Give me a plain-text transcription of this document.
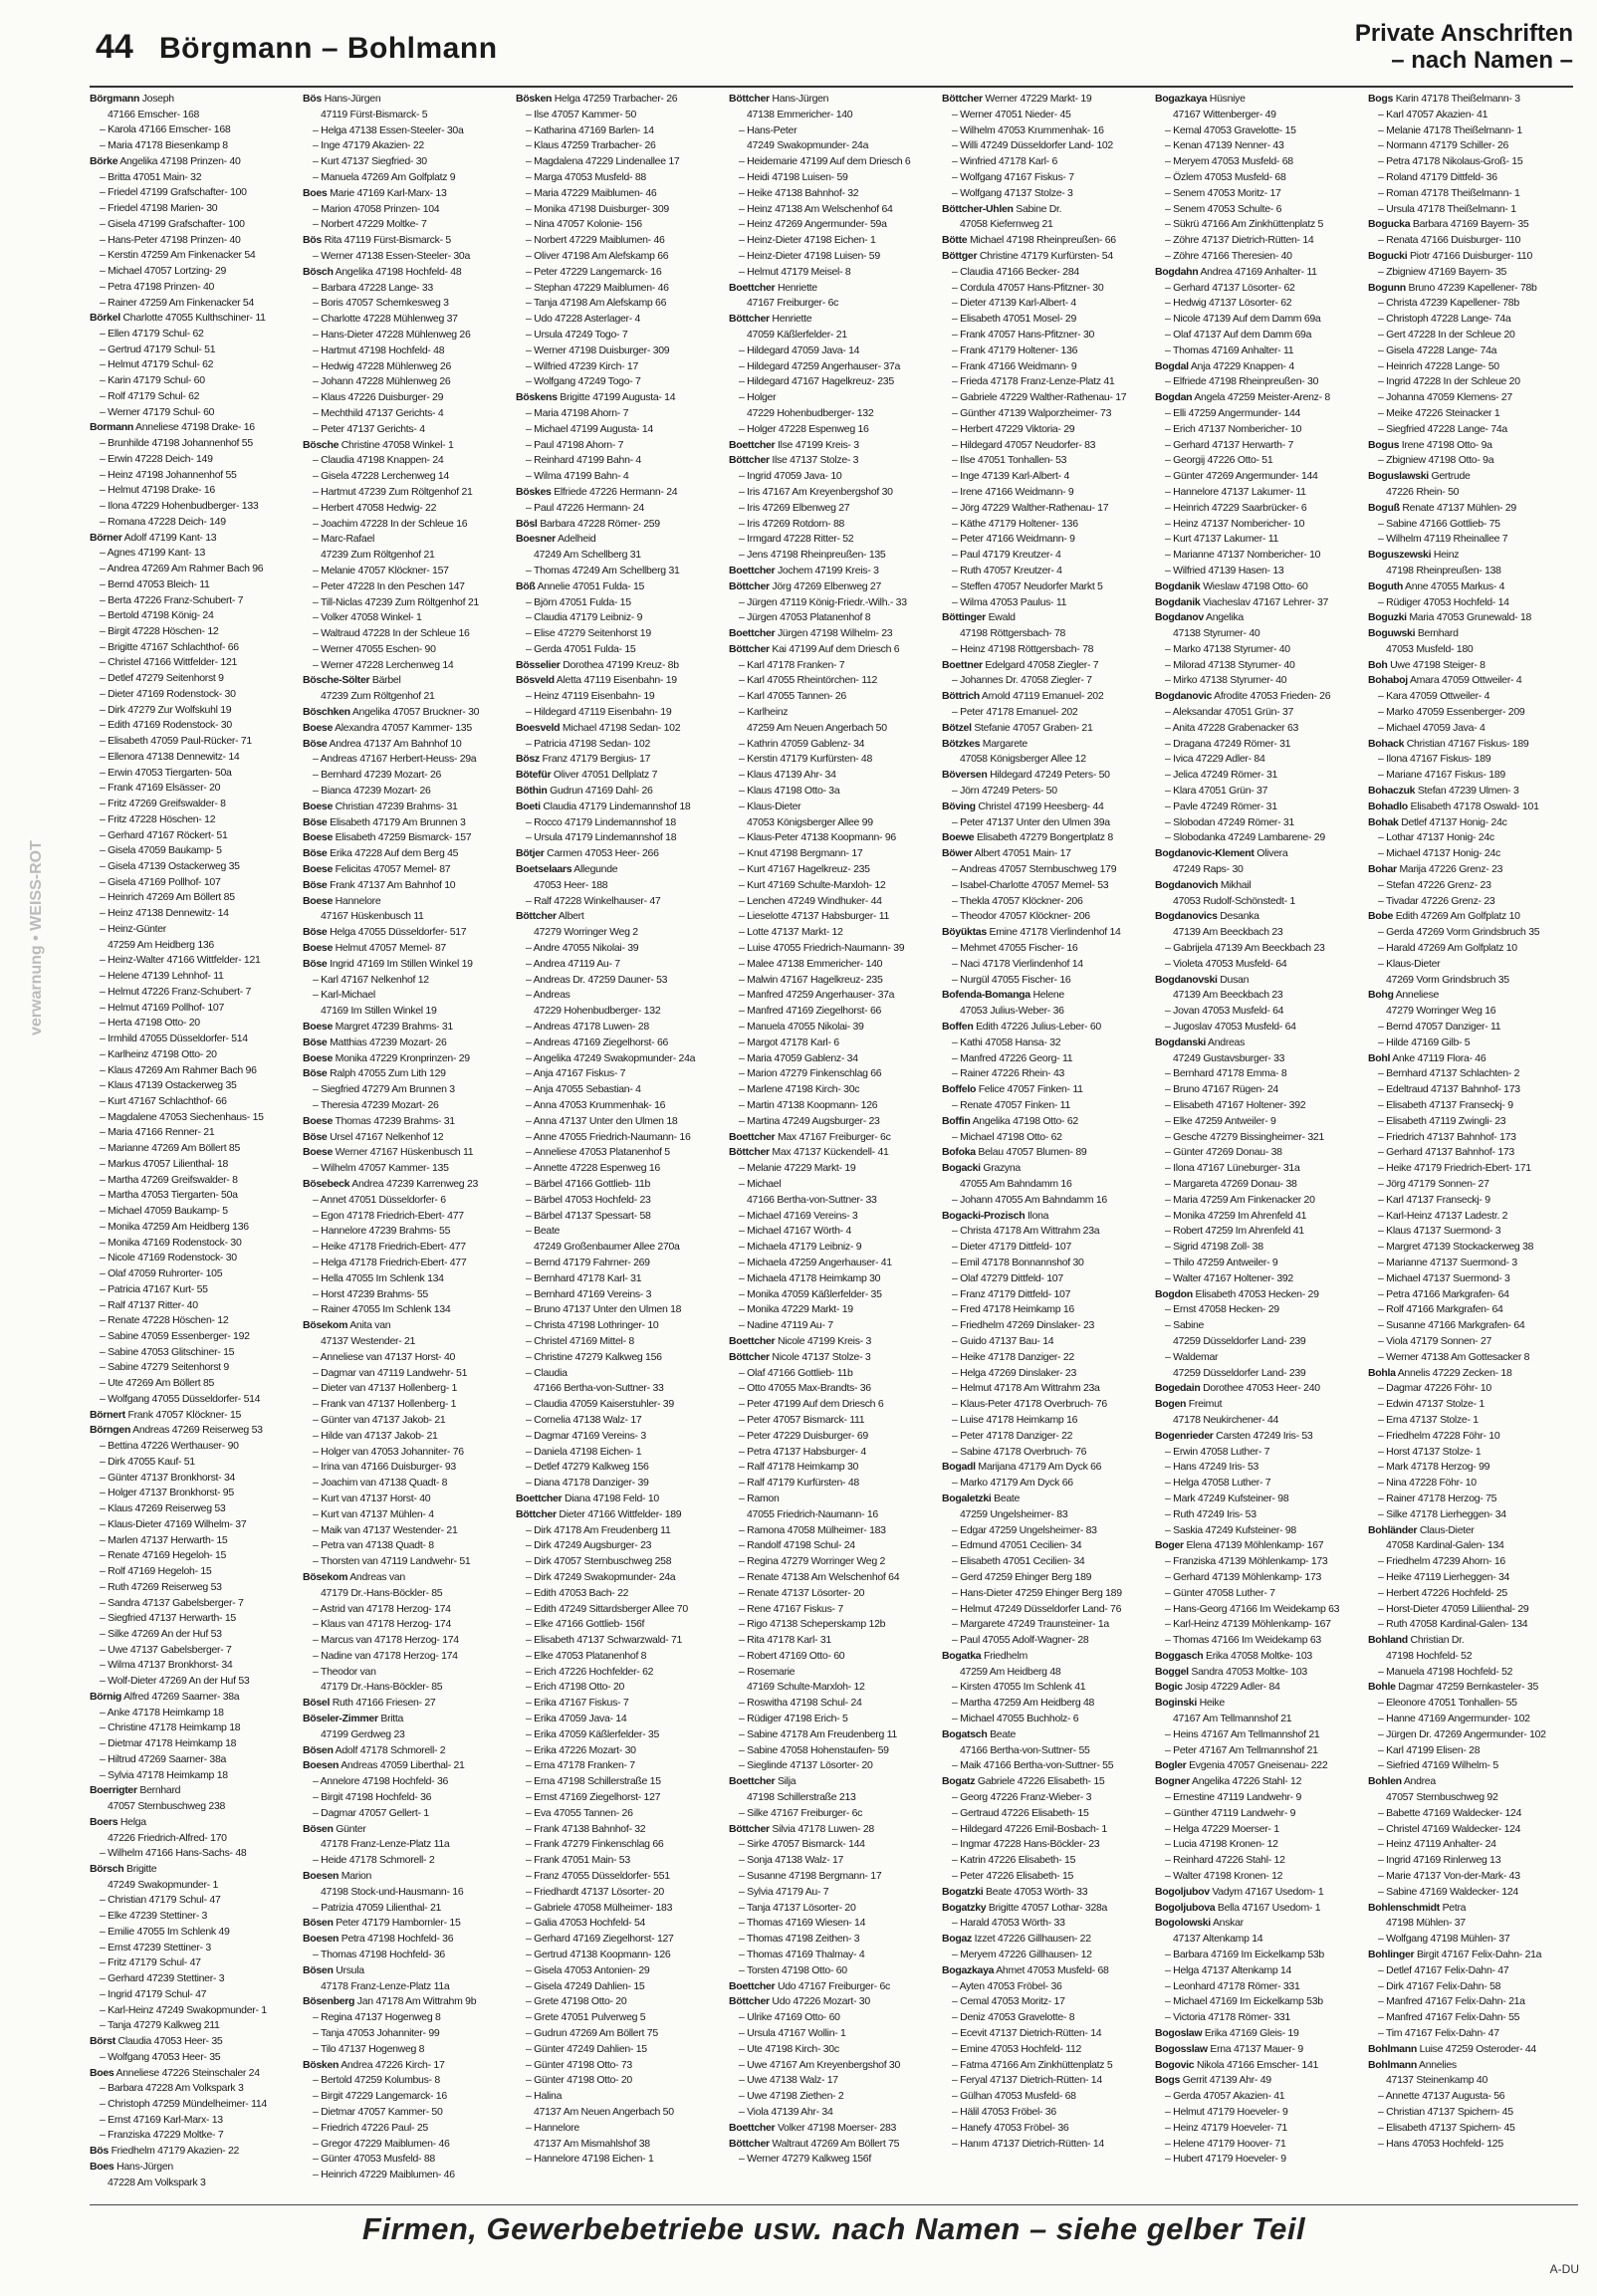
verwarnung • WEISS-ROT
44 Börgmann – Bohlmann	Private Anschriften
– nach Namen –
Börgmann Joseph
47166 Emscher- 168
– Karola 47166 Emscher- 168
– Maria 47178 Biesenkamp 8
Börke Angelika 47198 Prinzen- 40
– Britta 47051 Main- 32
– Friedel 47199 Grafschafter- 100
– Friedel 47198 Marien- 30
– Gisela 47199 Grafschafter- 100
– Hans-Peter 47198 Prinzen- 40
– Kerstin 47259 Am Finkenacker 54
– Michael 47057 Lortzing- 29
– Petra 47198 Prinzen- 40
– Rainer 47259 Am Finkenacker 54
Börkel Charlotte 47055 Kulthschiner- 11
– Ellen 47179 Schul- 62
– Gertrud 47179 Schul- 51
– Helmut 47179 Schul- 62
– Karin 47179 Schul- 60
– Rolf 47179 Schul- 62
– Werner 47179 Schul- 60
Bormann Anneliese 47198 Drake- 16
– Brunhilde 47198 Johannenhof 55
– Erwin 47228 Deich- 149
– Heinz 47198 Johannenhof 55
– Helmut 47198 Drake- 16
– Ilona 47229 Hohenbudberger- 133
– Romana 47228 Deich- 149
Börner Adolf 47199 Kant- 13
– Agnes 47199 Kant- 13
– Andrea 47269 Am Rahmer Bach 96
– Bernd 47053 Bleich- 11
– Berta 47226 Franz-Schubert- 7
– Bertold 47198 König- 24
– Birgit 47228 Höschen- 12
– Brigitte 47167 Schlachthof- 66
– Christel 47166 Wittfelder- 121
– Detlef 47279 Seitenhorst 9
– Dieter 47169 Rodenstock- 30
– Dirk 47279 Zur Wolfskuhl 19
– Edith 47169 Rodenstock- 30
– Elisabeth 47059 Paul-Rücker- 71
– Ellenora 47138 Dennewitz- 14
– Erwin 47053 Tiergarten- 50a
– Frank 47169 Elsässer- 20
– Fritz 47269 Greifswalder- 8
– Fritz 47228 Höschen- 12
– Gerhard 47167 Röckert- 51
– Gisela 47059 Baukamp- 5
– Gisela 47139 Ostackerweg 35
– Gisela 47169 Pollhof- 107
– Heinrich 47269 Am Böllert 85
– Heinz 47138 Dennewitz- 14
– Heinz-Günter
47259 Am Heidberg 136
– Heinz-Walter 47166 Wittfelder- 121
– Helene 47139 Lehnhof- 11
– Helmut 47226 Franz-Schubert- 7
– Helmut 47169 Pollhof- 107
– Herta 47198 Otto- 20
– Irmhild 47055 Düsseldorfer- 514
– Karlheinz 47198 Otto- 20
– Klaus 47269 Am Rahmer Bach 96
– Klaus 47139 Ostackerweg 35
– Kurt 47167 Schlachthof- 66
– Magdalene 47053 Siechenhaus- 15
– Maria 47166 Renner- 21
– Marianne 47269 Am Böllert 85
– Markus 47057 Lilienthal- 18
– Martha 47269 Greifswalder- 8
– Martha 47053 Tiergarten- 50a
– Michael 47059 Baukamp- 5
– Monika 47259 Am Heidberg 136
– Monika 47169 Rodenstock- 30
– Nicole 47169 Rodenstock- 30
– Olaf 47059 Ruhrorter- 105
– Patricia 47167 Kurt- 55
– Ralf 47137 Ritter- 40
– Renate 47228 Höschen- 12
– Sabine 47059 Essenberger- 192
– Sabine 47053 Glitschiner- 15
– Sabine 47279 Seitenhorst 9
– Ute 47269 Am Böllert 85
– Wolfgang 47055 Düsseldorfer- 514
Börnert Frank 47057 Klöckner- 15
Börngen Andreas 47269 Reiserweg 53
– Bettina 47226 Werthauser- 90
– Dirk 47055 Kauf- 51
– Günter 47137 Bronkhorst- 34
– Holger 47137 Bronkhorst- 95
– Klaus 47269 Reiserweg 53
– Klaus-Dieter 47169 Wilhelm- 37
– Marlen 47137 Herwarth- 15
– Renate 47169 Hegeloh- 15
– Rolf 47169 Hegeloh- 15
– Ruth 47269 Reiserweg 53
– Sandra 47137 Gabelsberger- 7
– Siegfried 47137 Herwarth- 15
– Silke 47269 An der Huf 53
– Uwe 47137 Gabelsberger- 7
– Wilma 47137 Bronkhorst- 34
– Wolf-Dieter 47269 An der Huf 53
Börnig Alfred 47269 Saarner- 38a
– Anke 47178 Heimkamp 18
– Christine 47178 Heimkamp 18
– Dietmar 47178 Heimkamp 18
– Hiltrud 47269 Saarner- 38a
– Sylvia 47178 Heimkamp 18
Boerrigter Bernhard
47057 Sternbuschweg 238
Boers Helga
47226 Friedrich-Alfred- 170
– Wilhelm 47166 Hans-Sachs- 48
Börsch Brigitte
47249 Swakopmunder- 1
– Christian 47179 Schul- 47
– Elke 47239 Stettiner- 3
– Emilie 47055 Im Schlenk 49
– Ernst 47239 Stettiner- 3
– Fritz 47179 Schul- 47
– Gerhard 47239 Stettiner- 3
– Ingrid 47179 Schul- 47
– Karl-Heinz 47249 Swakopmunder- 1
– Tanja 47279 Kalkweg 211
Börst Claudia 47053 Heer- 35
– Wolfgang 47053 Heer- 35
Boes Anneliese 47226 Steinschaler 24
– Barbara 47228 Am Volkspark 3
– Christoph 47259 Mündelheimer- 114
– Ernst 47169 Karl-Marx- 13
– Franziska 47229 Moltke- 7
Bös Friedhelm 47179 Akazien- 22
Boes Hans-Jürgen
47228 Am Volkspark 3
Bös Hans-Jürgen
47119 Fürst-Bismarck- 5
– Helga 47138 Essen-Steeler- 30a
– Inge 47179 Akazien- 22
– Kurt 47137 Siegfried- 30
– Manuela 47269 Am Golfplatz 9
Boes Marie 47169 Karl-Marx- 13
– Marion 47058 Prinzen- 104
– Norbert 47229 Moltke- 7
Bös Rita 47119 Fürst-Bismarck- 5
– Werner 47138 Essen-Steeler- 30a
Bösch Angelika 47198 Hochfeld- 48
– Barbara 47228 Lange- 33
– Boris 47057 Schemkesweg 3
– Charlotte 47228 Mühlenweg 37
– Hans-Dieter 47228 Mühlenweg 26
– Hartmut 47198 Hochfeld- 48
– Hedwig 47228 Mühlenweg 26
– Johann 47228 Mühlenweg 26
– Klaus 47226 Duisburger- 29
– Mechthild 47137 Gerichts- 4
– Peter 47137 Gerichts- 4
Bösche Christine 47058 Winkel- 1
– Claudia 47198 Knappen- 24
– Gisela 47228 Lerchenweg 14
– Hartmut 47239 Zum Röltgenhof 21
– Herbert 47058 Hedwig- 22
– Joachim 47228 In der Schleue 16
– Marc-Rafael
47239 Zum Röltgenhof 21
– Melanie 47057 Klöckner- 157
– Peter 47228 In den Peschen 147
– Till-Niclas 47239 Zum Röltgenhof 21
– Volker 47058 Winkel- 1
– Waltraud 47228 In der Schleue 16
– Werner 47055 Eschen- 90
– Werner 47228 Lerchenweg 14
Bösche-Sölter Bärbel
47239 Zum Röltgenhof 21
Böschken Angelika 47057 Bruckner- 30
Boese Alexandra 47057 Kammer- 135
Böse Andrea 47137 Am Bahnhof 10
– Andreas 47167 Herbert-Heuss- 29a
– Bernhard 47239 Mozart- 26
– Bianca 47239 Mozart- 26
Boese Christian 47239 Brahms- 31
Böse Elisabeth 47179 Am Brunnen 3
Boese Elisabeth 47259 Bismarck- 157
Böse Erika 47228 Auf dem Berg 45
Boese Felicitas 47057 Memel- 87
Böse Frank 47137 Am Bahnhof 10
Boese Hannelore
47167 Hüskenbusch 11
Böse Helga 47055 Düsseldorfer- 517
Boese Helmut 47057 Memel- 87
Böse Ingrid 47169 Im Stillen Winkel 19
– Karl 47167 Nelkenhof 12
– Karl-Michael
47169 Im Stillen Winkel 19
Boese Margret 47239 Brahms- 31
Böse Matthias 47239 Mozart- 26
Boese Monika 47229 Kronprinzen- 29
Böse Ralph 47055 Zum Lith 129
– Siegfried 47279 Am Brunnen 3
– Theresia 47239 Mozart- 26
Boese Thomas 47239 Brahms- 31
Böse Ursel 47167 Nelkenhof 12
Boese Werner 47167 Hüskenbusch 11
– Wilhelm 47057 Kammer- 135
Bösebeck Andrea 47239 Karrenweg 23
– Annet 47051 Düsseldorfer- 6
– Egon 47178 Friedrich-Ebert- 477
– Hannelore 47239 Brahms- 55
– Heike 47178 Friedrich-Ebert- 477
– Helga 47178 Friedrich-Ebert- 477
– Hella 47055 Im Schlenk 134
– Horst 47239 Brahms- 55
– Rainer 47055 Im Schlenk 134
Bösekom Anita van
47137 Westender- 21
– Anneliese van 47137 Horst- 40
– Dagmar van 47119 Landwehr- 51
– Dieter van 47137 Hollenberg- 1
– Frank van 47137 Hollenberg- 1
– Günter van 47137 Jakob- 21
– Hilde van 47137 Jakob- 21
– Holger van 47053 Johanniter- 76
– Irina van 47166 Duisburger- 93
– Joachim van 47138 Quadt- 8
– Kurt van 47137 Horst- 40
– Kurt van 47137 Mühlen- 4
– Maik van 47137 Westender- 21
– Petra van 47138 Quadt- 8
– Thorsten van 47119 Landwehr- 51
Bösekom Andreas van
47179 Dr.-Hans-Böckler- 85
– Astrid van 47178 Herzog- 174
– Klaus van 47178 Herzog- 174
– Marcus van 47178 Herzog- 174
– Nadine van 47178 Herzog- 174
– Theodor van
47179 Dr.-Hans-Böckler- 85
Bösel Ruth 47166 Friesen- 27
Böseler-Zimmer Britta
47199 Gerdweg 23
Bösen Adolf 47178 Schmorell- 2
Boesen Andreas 47059 Liberthal- 21
– Annelore 47198 Hochfeld- 36
– Birgit 47198 Hochfeld- 36
– Dagmar 47057 Gellert- 1
Bösen Günter
47178 Franz-Lenze-Platz 11a
– Heide 47178 Schmorell- 2
Boesen Marion
47198 Stock-und-Hausmann- 16
– Patrizia 47059 Lilienthal- 21
Bösen Peter 47179 Hambornler- 15
Boesen Petra 47198 Hochfeld- 36
– Thomas 47198 Hochfeld- 36
Bösen Ursula
47178 Franz-Lenze-Platz 11a
Bösenberg Jan 47178 Am Wittrahm 9b
– Regina 47137 Hogenweg 8
– Tanja 47053 Johanniter- 99
– Tilo 47137 Hogenweg 8
Bösken Andrea 47226 Kirch- 17
– Bertold 47259 Kolumbus- 8
– Birgit 47229 Langemarck- 16
– Dietmar 47057 Kammer- 50
– Friedrich 47226 Paul- 25
– Gregor 47229 Maiblumen- 46
– Günter 47053 Musfeld- 88
– Heinrich 47229 Maiblumen- 46
Bösken Helga 47259 Trarbacher- 26
– Ilse 47057 Kammer- 50
– Katharina 47169 Barlen- 14
– Klaus 47259 Trarbacher- 26
– Magdalena 47229 Lindenallee 17
– Marga 47053 Musfeld- 88
– Maria 47229 Maiblumen- 46
– Monika 47198 Duisburger- 309
– Nina 47057 Kolonie- 156
– Norbert 47229 Maiblumen- 46
– Oliver 47198 Am Alefskamp 66
– Peter 47229 Langemarck- 16
– Stephan 47229 Maiblumen- 46
– Tanja 47198 Am Alefskamp 66
– Udo 47228 Asterlager- 4
– Ursula 47249 Togo- 7
– Werner 47198 Duisburger- 309
– Wilfried 47239 Kirch- 17
– Wolfgang 47249 Togo- 7
Böskens Brigitte 47199 Augusta- 14
– Maria 47198 Ahorn- 7
– Michael 47199 Augusta- 14
– Paul 47198 Ahorn- 7
– Reinhard 47199 Bahn- 4
– Wilma 47199 Bahn- 4
Böskes Elfriede 47226 Hermann- 24
– Paul 47226 Hermann- 24
Bösl Barbara 47228 Römer- 259
Boesner Adelheid
47249 Am Schellberg 31
– Thomas 47249 Am Schellberg 31
Böß Annelie 47051 Fulda- 15
– Björn 47051 Fulda- 15
– Claudia 47179 Leibniz- 9
– Elise 47279 Seitenhorst 19
– Gerda 47051 Fulda- 15
Bösselier Dorothea 47199 Kreuz- 8b
Bösveld Aletta 47119 Eisenbahn- 19
– Heinz 47119 Eisenbahn- 19
– Hildegard 47119 Eisenbahn- 19
Boesveld Michael 47198 Sedan- 102
– Patricia 47198 Sedan- 102
Bösz Franz 47179 Bergius- 17
Bötefür Oliver 47051 Dellplatz 7
Böthin Gudrun 47169 Dahl- 26
Boeti Claudia 47179 Lindemannshof 18
– Rocco 47179 Lindemannshof 18
– Ursula 47179 Lindemannshof 18
Bötjer Carmen 47053 Heer- 266
Boetselaars Allegunde
47053 Heer- 188
– Ralf 47228 Winkelhauser- 47
Böttcher Albert
47279 Worringer Weg 2
– Andre 47055 Nikolai- 39
– Andrea 47119 Au- 7
– Andreas Dr. 47259 Dauner- 53
– Andreas
47229 Hohenbudberger- 132
– Andreas 47178 Luwen- 28
– Andreas 47169 Ziegelhorst- 66
– Angelika 47249 Swakopmunder- 24a
– Anja 47167 Fiskus- 7
– Anja 47055 Sebastian- 4
– Anna 47053 Krummenhak- 16
– Anna 47137 Unter den Ulmen 18
– Anne 47055 Friedrich-Naumann- 16
– Anneliese 47053 Platanenhof 5
– Annette 47228 Espenweg 16
– Bärbel 47166 Gottlieb- 11b
– Bärbel 47053 Hochfeld- 23
– Bärbel 47137 Spessart- 58
– Beate
47249 Großenbaumer Allee 270a
– Bernd 47179 Fahrner- 269
– Bernhard 47178 Karl- 31
– Bernhard 47169 Vereins- 3
– Bruno 47137 Unter den Ulmen 18
– Christa 47198 Lothringer- 10
– Christel 47169 Mittel- 8
– Christine 47279 Kalkweg 156
– Claudia
47166 Bertha-von-Suttner- 33
– Claudia 47059 Kaiserstuhler- 39
– Cornelia 47138 Walz- 17
– Dagmar 47169 Vereins- 3
– Daniela 47198 Eichen- 1
– Detlef 47279 Kalkweg 156
– Diana 47178 Danziger- 39
Boettcher Diana 47198 Feld- 10
Böttcher Dieter 47166 Wittfelder- 189
– Dirk 47178 Am Freudenberg 11
– Dirk 47249 Augsburger- 23
– Dirk 47057 Sternbuschweg 258
– Dirk 47249 Swakopmunder- 24a
– Edith 47053 Bach- 22
– Edith 47249 Sittardsberger Allee 70
– Elke 47166 Gottlieb- 156f
– Elisabeth 47137 Schwarzwald- 71
– Elke 47053 Platanenhof 8
– Erich 47226 Hochfelder- 62
– Erich 47198 Otto- 20
– Erika 47167 Fiskus- 7
– Erika 47059 Java- 14
– Erika 47059 Käßlerfelder- 35
– Erika 47226 Mozart- 30
– Erna 47178 Franken- 7
– Erna 47198 Schillerstraße 15
– Ernst 47169 Ziegelhorst- 127
– Eva 47055 Tannen- 26
– Frank 47138 Bahnhof- 32
– Frank 47279 Finkenschlag 66
– Frank 47051 Main- 53
– Franz 47055 Düsseldorfer- 551
– Friedhardt 47137 Lösorter- 20
– Gabriele 47058 Mülheimer- 183
– Galia 47053 Hochfeld- 54
– Gerhard 47169 Ziegelhorst- 127
– Gertrud 47138 Koopmann- 126
– Gisela 47053 Antonien- 29
– Gisela 47249 Dahlien- 15
– Grete 47198 Otto- 20
– Grete 47051 Pulverweg 5
– Gudrun 47269 Am Böllert 75
– Günter 47249 Dahlien- 15
– Günter 47198 Otto- 73
– Günter 47198 Otto- 20
– Halina
47137 Am Neuen Angerbach 50
– Hannelore
47137 Am Mismahlshof 38
– Hannelore 47198 Eichen- 1
Böttcher Hans-Jürgen
47138 Emmericher- 140
– Hans-Peter
47249 Swakopmunder- 24a
– Heidemarie 47199 Auf dem Driesch 6
– Heidi 47198 Luisen- 59
– Heike 47138 Bahnhof- 32
– Heinz 47138 Am Welschenhof 64
– Heinz 47269 Angermunder- 59a
– Heinz-Dieter 47198 Eichen- 1
– Heinz-Dieter 47198 Luisen- 59
– Helmut 47179 Meisel- 8
Boettcher Henriette
47167 Freiburger- 6c
Böttcher Henriette
47059 Käßlerfelder- 21
– Hildegard 47059 Java- 14
– Hildegard 47259 Angerhauser- 37a
– Hildegard 47167 Hagelkreuz- 235
– Holger
47229 Hohenbudberger- 132
– Holger 47228 Espenweg 16
Boettcher Ilse 47199 Kreis- 3
Böttcher Ilse 47137 Stolze- 3
– Ingrid 47059 Java- 10
– Iris 47167 Am Kreyenbergshof 30
– Iris 47269 Elbenweg 27
– Iris 47269 Rotdorn- 88
– Irmgard 47228 Ritter- 52
– Jens 47198 Rheinpreußen- 135
Boettcher Jochem 47199 Kreis- 3
Böttcher Jörg 47269 Elbenweg 27
– Jürgen 47119 König-Friedr.-Wilh.- 33
– Jürgen 47053 Platanenhof 8
Boettcher Jürgen 47198 Wilhelm- 23
Böttcher Kai 47199 Auf dem Driesch 6
– Karl 47178 Franken- 7
– Karl 47055 Rheintörchen- 112
– Karl 47055 Tannen- 26
– Karlheinz
47259 Am Neuen Angerbach 50
– Kathrin 47059 Gablenz- 34
– Kerstin 47179 Kurfürsten- 48
– Klaus 47139 Ahr- 34
– Klaus 47198 Otto- 3a
– Klaus-Dieter
47053 Königsberger Allee 99
– Klaus-Peter 47138 Koopmann- 96
– Knut 47198 Bergmann- 17
– Kurt 47167 Hagelkreuz- 235
– Kurt 47169 Schulte-Marxloh- 12
– Lenchen 47249 Windhuker- 44
– Lieselotte 47137 Habsburger- 11
– Lotte 47137 Markt- 12
– Luise 47055 Friedrich-Naumann- 39
– Malee 47138 Emmericher- 140
– Malwin 47167 Hagelkreuz- 235
– Manfred 47259 Angerhauser- 37a
– Manfred 47169 Ziegelhorst- 66
– Manuela 47055 Nikolai- 39
– Margot 47178 Karl- 6
– Maria 47059 Gablenz- 34
– Marion 47279 Finkenschlag 66
– Marlene 47198 Kirch- 30c
– Martin 47138 Koopmann- 126
– Martina 47249 Augsburger- 23
Boettcher Max 47167 Freiburger- 6c
Böttcher Max 47137 Kückendell- 41
– Melanie 47229 Markt- 19
– Michael
47166 Bertha-von-Suttner- 33
– Michael 47169 Vereins- 3
– Michael 47167 Wörth- 4
– Michaela 47179 Leibniz- 9
– Michaela 47259 Angerhauser- 41
– Michaela 47178 Heimkamp 30
– Monika 47059 Käßlerfelder- 35
– Monika 47229 Markt- 19
– Nadine 47119 Au- 7
Boettcher Nicole 47199 Kreis- 3
Böttcher Nicole 47137 Stolze- 3
– Olaf 47166 Gottlieb- 11b
– Otto 47055 Max-Brandts- 36
– Peter 47199 Auf dem Driesch 6
– Peter 47057 Bismarck- 111
– Peter 47229 Duisburger- 69
– Petra 47137 Habsburger- 4
– Ralf 47178 Heimkamp 30
– Ralf 47179 Kurfürsten- 48
– Ramon
47055 Friedrich-Naumann- 16
– Ramona 47058 Mülheimer- 183
– Randolf 47198 Schul- 24
– Regina 47279 Worringer Weg 2
– Renate 47138 Am Welschenhof 64
– Renate 47137 Lösorter- 20
– Rene 47167 Fiskus- 7
– Rigo 47138 Scheperskamp 12b
– Rita 47178 Karl- 31
– Robert 47169 Otto- 60
– Rosemarie
47169 Schulte-Marxloh- 12
– Roswitha 47198 Schul- 24
– Rüdiger 47198 Erich- 5
– Sabine 47178 Am Freudenberg 11
– Sabine 47058 Hohenstaufen- 59
– Sieglinde 47137 Lösorter- 20
Boettcher Silja
47198 Schillerstraße 213
– Silke 47167 Freiburger- 6c
Böttcher Silvia 47178 Luwen- 28
– Sirke 47057 Bismarck- 144
– Sonja 47138 Walz- 17
– Susanne 47198 Bergmann- 17
– Sylvia 47179 Au- 7
– Tanja 47137 Lösorter- 20
– Thomas 47169 Wiesen- 14
– Thomas 47198 Zeithen- 3
– Thomas 47169 Thalmay- 4
– Torsten 47198 Otto- 60
Boettcher Udo 47167 Freiburger- 6c
Böttcher Udo 47226 Mozart- 30
– Ulrike 47169 Otto- 60
– Ursula 47167 Wollin- 1
– Ute 47198 Kirch- 30c
– Uwe 47167 Am Kreyenbergshof 30
– Uwe 47138 Walz- 17
– Uwe 47198 Ziethen- 2
– Viola 47139 Ahr- 34
Boettcher Volker 47198 Moerser- 283
Böttcher Waltraut 47269 Am Böllert 75
– Werner 47279 Kalkweg 156f
Böttcher Werner 47229 Markt- 19
– Werner 47051 Nieder- 45
– Wilhelm 47053 Krummenhak- 16
– Willi 47249 Düsseldorfer Land- 102
– Winfried 47178 Karl- 6
– Wolfgang 47167 Fiskus- 7
– Wolfgang 47137 Stolze- 3
Böttcher-Uhlen Sabine Dr.
47058 Kiefernweg 21
Bötte Michael 47198 Rheinpreußen- 66
Böttger Christine 47179 Kurfürsten- 54
– Claudia 47166 Becker- 284
– Cordula 47057 Hans-Pfitzner- 30
– Dieter 47139 Karl-Albert- 4
– Elisabeth 47051 Mosel- 29
– Frank 47057 Hans-Pfitzner- 30
– Frank 47179 Holtener- 136
– Frank 47166 Weidmann- 9
– Frieda 47178 Franz-Lenze-Platz 41
– Gabriele 47229 Walther-Rathenau- 17
– Günther 47139 Walporzheimer- 73
– Herbert 47229 Viktoria- 29
– Hildegard 47057 Neudorfer- 83
– Ilse 47051 Tonhallen- 53
– Inge 47139 Karl-Albert- 4
– Irene 47166 Weidmann- 9
– Jörg 47229 Walther-Rathenau- 17
– Käthe 47179 Holtener- 136
– Peter 47166 Weidmann- 9
– Paul 47179 Kreutzer- 4
– Ruth 47057 Kreutzer- 4
– Steffen 47057 Neudorfer Markt 5
– Wilma 47053 Paulus- 11
Böttinger Ewald
47198 Röttgersbach- 78
– Heinz 47198 Röttgersbach- 78
Boettner Edelgard 47058 Ziegler- 7
– Johannes Dr. 47058 Ziegler- 7
Böttrich Arnold 47119 Emanuel- 202
– Peter 47178 Emanuel- 202
Bötzel Stefanie 47057 Graben- 21
Bötzkes Margarete
47058 Königsberger Allee 12
Böversen Hildegard 47249 Peters- 50
– Jörn 47249 Peters- 50
Böving Christel 47199 Heesberg- 44
– Peter 47137 Unter den Ulmen 39a
Boewe Elisabeth 47279 Bongertplatz 8
Böwer Albert 47051 Main- 17
– Andreas 47057 Sternbuschweg 179
– Isabel-Charlotte 47057 Memel- 53
– Thekla 47057 Klöckner- 206
– Theodor 47057 Klöckner- 206
Böyüktas Emine 47178 Vierlindenhof 14
– Mehmet 47055 Fischer- 16
– Naci 47178 Vierlindenhof 14
– Nurgül 47055 Fischer- 16
Bofenda-Bomanga Helene
47053 Julius-Weber- 36
Boffen Edith 47226 Julius-Leber- 60
– Kathi 47058 Hansa- 32
– Manfred 47226 Georg- 11
– Rainer 47226 Rhein- 43
Boffelo Felice 47057 Finken- 11
– Renate 47057 Finken- 11
Boffin Angelika 47198 Otto- 62
– Michael 47198 Otto- 62
Bofoka Belau 47057 Blumen- 89
Bogacki Grazyna
47055 Am Bahndamm 16
– Johann 47055 Am Bahndamm 16
Bogacki-Prozisch Ilona
– Christa 47178 Am Wittrahm 23a
– Dieter 47179 Dittfeld- 107
– Emil 47178 Bonnannshof 30
– Olaf 47279 Dittfeld- 107
– Franz 47179 Dittfeld- 107
– Fred 47178 Heimkamp 16
– Friedhelm 47269 Dinslaker- 23
– Guido 47137 Bau- 14
– Heike 47178 Danziger- 22
– Helga 47269 Dinslaker- 23
– Helmut 47178 Am Wittrahm 23a
– Klaus-Peter 47178 Overbruch- 76
– Luise 47178 Heimkamp 16
– Peter 47178 Danziger- 22
– Sabine 47178 Overbruch- 76
Bogadl Marijana 47179 Am Dyck 66
– Marko 47179 Am Dyck 66
Bogaletzki Beate
47259 Ungelsheimer- 83
– Edgar 47259 Ungelsheimer- 83
– Edmund 47051 Cecilien- 34
– Elisabeth 47051 Cecilien- 34
– Gerd 47259 Ehinger Berg 189
– Hans-Dieter 47259 Ehinger Berg 189
– Helmut 47249 Düsseldorfer Land- 76
– Margarete 47249 Traunsteiner- 1a
– Paul 47055 Adolf-Wagner- 28
Bogatka Friedhelm
47259 Am Heidberg 48
– Kirsten 47055 Im Schlenk 41
– Martha 47259 Am Heidberg 48
– Michael 47055 Buchholz- 6
Bogatsch Beate
47166 Bertha-von-Suttner- 55
– Maik 47166 Bertha-von-Suttner- 55
Bogatz Gabriele 47226 Elisabeth- 15
– Georg 47226 Franz-Wieber- 3
– Gertraud 47226 Elisabeth- 15
– Hildegard 47226 Emil-Bosbach- 1
– Ingmar 47228 Hans-Böckler- 23
– Katrin 47226 Elisabeth- 15
– Peter 47226 Elisabeth- 15
Bogatzki Beate 47053 Wörth- 33
Bogatzky Brigitte 47057 Lothar- 328a
– Harald 47053 Wörth- 33
Bogaz Izzet 47226 Gillhausen- 22
– Meryem 47226 Gillhausen- 12
Bogazkaya Ahmet 47053 Musfeld- 68
– Ayten 47053 Fröbel- 36
– Cemal 47053 Moritz- 17
– Deniz 47053 Gravelotte- 8
– Ecevit 47137 Dietrich-Rütten- 14
– Emine 47053 Hochfeld- 112
– Fatma 47166 Am Zinkhüttenplatz 5
– Feryal 47137 Dietrich-Rütten- 14
– Gülhan 47053 Musfeld- 68
– Hälil 47053 Fröbel- 36
– Hanefy 47053 Fröbel- 36
– Hanım 47137 Dietrich-Rütten- 14
Bogazkaya Hüsniye
47167 Wittenberger- 49
– Kemal 47053 Gravelotte- 15
– Kenan 47139 Nenner- 43
– Meryem 47053 Musfeld- 68
– Özlem 47053 Musfeld- 68
– Senem 47053 Moritz- 17
– Senem 47053 Schulte- 6
– Sükrü 47166 Am Zinkhüttenplatz 5
– Zöhre 47137 Dietrich-Rütten- 14
– Zöhre 47166 Theresien- 40
Bogdahn Andrea 47169 Anhalter- 11
– Gerhard 47137 Lösorter- 62
– Hedwig 47137 Lösorter- 62
– Nicole 47139 Auf dem Damm 69a
– Olaf 47137 Auf dem Damm 69a
– Thomas 47169 Anhalter- 11
Bogdal Anja 47229 Knappen- 4
– Elfriede 47198 Rheinpreußen- 30
Bogdan Angela 47259 Meister-Arenz- 8
– Elli 47259 Angermunder- 144
– Erich 47137 Nombericher- 10
– Gerhard 47137 Herwarth- 7
– Georgij 47226 Otto- 51
– Günter 47269 Angermunder- 144
– Hannelore 47137 Lakumer- 11
– Heinrich 47229 Saarbrücker- 6
– Heinz 47137 Nombericher- 10
– Kurt 47137 Lakumer- 11
– Marianne 47137 Nombericher- 10
– Wilfried 47139 Hasen- 13
Bogdanik Wieslaw 47198 Otto- 60
Bogdanik Viacheslav 47167 Lehrer- 37
Bogdanov Angelika
47138 Styrumer- 40
– Marko 47138 Styrumer- 40
– Milorad 47138 Styrumer- 40
– Mirko 47138 Styrumer- 40
Bogdanovic Afrodite 47053 Frieden- 26
– Aleksandar 47051 Grün- 37
– Anita 47228 Grabenacker 63
– Dragana 47249 Römer- 31
– Ivica 47229 Adler- 84
– Jelica 47249 Römer- 31
– Klara 47051 Grün- 37
– Pavle 47249 Römer- 31
– Slobodan 47249 Römer- 31
– Slobodanka 47249 Lambarene- 29
Bogdanovic-Klement Olivera
47249 Raps- 30
Bogdanovich Mikhail
47053 Rudolf-Schönstedt- 1
Bogdanovics Desanka
47139 Am Beeckbach 23
– Gabrijela 47139 Am Beeckbach 23
– Violeta 47053 Musfeld- 64
Bogdanovski Dusan
47139 Am Beeckbach 23
– Jovan 47053 Musfeld- 64
– Jugoslav 47053 Musfeld- 64
Bogdanski Andreas
47249 Gustavsburger- 33
– Bernhard 47178 Emma- 8
– Bruno 47167 Rügen- 24
– Elisabeth 47167 Holtener- 392
– Elke 47259 Antweiler- 9
– Gesche 47279 Bissingheimer- 321
– Günter 47269 Donau- 38
– Ilona 47167 Lüneburger- 31a
– Margareta 47269 Donau- 38
– Maria 47259 Am Finkenacker 20
– Monika 47259 Im Ahrenfeld 41
– Robert 47259 Im Ahrenfeld 41
– Sigrid 47198 Zoll- 38
– Thilo 47259 Antweiler- 9
– Walter 47167 Holtener- 392
Bogdon Elisabeth 47053 Hecken- 29
– Ernst 47058 Hecken- 29
– Sabine
47259 Düsseldorfer Land- 239
– Waldemar
47259 Düsseldorfer Land- 239
Bogedain Dorothee 47053 Heer- 240
Bogen Freimut
47178 Neukirchener- 44
Bogenrieder Carsten 47249 Iris- 53
– Erwin 47058 Luther- 7
– Hans 47249 Iris- 53
– Helga 47058 Luther- 7
– Mark 47249 Kufsteiner- 98
– Ruth 47249 Iris- 53
– Saskia 47249 Kufsteiner- 98
Boger Elena 47139 Möhlenkamp- 167
– Franziska 47139 Möhlenkamp- 173
– Gerhard 47139 Möhlenkamp- 173
– Günter 47058 Luther- 7
– Hans-Georg 47166 Im Weidekamp 63
– Karl-Heinz 47139 Möhlenkamp- 167
– Thomas 47166 Im Weidekamp 63
Boggasch Erika 47058 Moltke- 103
Boggel Sandra 47053 Moltke- 103
Bogic Josip 47229 Adler- 84
Boginski Heike
47167 Am Tellmannshof 21
– Heins 47167 Am Tellmannshof 21
– Peter 47167 Am Tellmannshof 21
Bogler Evgenia 47057 Gneisenau- 222
Bogner Angelika 47226 Stahl- 12
– Ernestine 47119 Landwehr- 9
– Günther 47119 Landwehr- 9
– Helga 47229 Moerser- 1
– Lucia 47198 Kronen- 12
– Reinhard 47226 Stahl- 12
– Walter 47198 Kronen- 12
Bogoljubov Vadym 47167 Usedom- 1
Bogoljubova Bella 47167 Usedom- 1
Bogolowski Anskar
47137 Altenkamp 14
– Barbara 47169 Im Eickelkamp 53b
– Helga 47137 Altenkamp 14
– Leonhard 47178 Römer- 331
– Michael 47169 Im Eickelkamp 53b
– Victoria 47178 Römer- 331
Bogoslaw Erika 47169 Gleis- 19
Bogosslaw Erna 47137 Mauer- 9
Bogovic Nikola 47166 Emscher- 141
Bogs Gerrit 47139 Ahr- 49
– Gerda 47057 Akazien- 41
– Helmut 47179 Hoeveler- 9
– Heinz 47179 Hoeveler- 71
– Helene 47179 Hoover- 71
– Hubert 47179 Hoeveler- 9
Bogs Karin 47178 Theißelmann- 3
– Karl 47057 Akazien- 41
– Melanie 47178 Theißelmann- 1
– Normann 47179 Schiller- 26
– Petra 47178 Nikolaus-Groß- 15
– Roland 47179 Dittfeld- 36
– Roman 47178 Theißelmann- 1
– Ursula 47178 Theißelmann- 1
Bogucka Barbara 47169 Bayern- 35
– Renata 47166 Duisburger- 110
Bogucki Piotr 47166 Duisburger- 110
– Zbigniew 47169 Bayern- 35
Bogunn Bruno 47239 Kapellener- 78b
– Christa 47239 Kapellener- 78b
– Christoph 47228 Lange- 74a
– Gert 47228 In der Schleue 20
– Gisela 47228 Lange- 74a
– Heinrich 47228 Lange- 50
– Ingrid 47228 In der Schleue 20
– Johanna 47059 Klemens- 27
– Meike 47226 Steinacker 1
– Siegfried 47228 Lange- 74a
Bogus Irene 47198 Otto- 9a
– Zbigniew 47198 Otto- 9a
Boguslawski Gertrude
47226 Rhein- 50
Boguß Renate 47137 Mühlen- 29
– Sabine 47166 Gottlieb- 75
– Wilhelm 47119 Rheinallee 7
Boguszewski Heinz
47198 Rheinpreußen- 138
Boguth Anne 47055 Markus- 4
– Rüdiger 47053 Hochfeld- 14
Boguzki Maria 47053 Grunewald- 18
Boguwski Bernhard
47053 Musfeld- 180
Boh Uwe 47198 Steiger- 8
Bohaboj Amara 47059 Ottweiler- 4
– Kara 47059 Ottweiler- 4
– Marko 47059 Essenberger- 209
– Michael 47059 Java- 4
Bohack Christian 47167 Fiskus- 189
– Ilona 47167 Fiskus- 189
– Mariane 47167 Fiskus- 189
Bohaczuk Stefan 47239 Ulmen- 3
Bohadlo Elisabeth 47178 Oswald- 101
Bohak Detlef 47137 Honig- 24c
– Lothar 47137 Honig- 24c
– Michael 47137 Honig- 24c
Bohar Marija 47226 Grenz- 23
– Stefan 47226 Grenz- 23
– Tivadar 47226 Grenz- 23
Bobe Edith 47269 Am Golfplatz 10
– Gerda 47269 Vorm Grindsbruch 35
– Harald 47269 Am Golfplatz 10
– Klaus-Dieter
47269 Vorm Grindsbruch 35
Bohg Anneliese
47279 Worringer Weg 16
– Bernd 47057 Danziger- 11
– Hilde 47169 Gilb- 5
Bohl Anke 47119 Flora- 46
– Bernhard 47137 Schlachten- 2
– Edeltraud 47137 Bahnhof- 173
– Elisabeth 47137 Franseckj- 9
– Elisabeth 47119 Zwingli- 23
– Friedrich 47137 Bahnhof- 173
– Gerhard 47137 Bahnhof- 173
– Heike 47179 Friedrich-Ebert- 171
– Jörg 47179 Sonnen- 27
– Karl 47137 Franseckj- 9
– Karl-Heinz 47137 Ladestr. 2
– Klaus 47137 Suermond- 3
– Margret 47139 Stockackerweg 38
– Marianne 47137 Suermond- 3
– Michael 47137 Suermond- 3
– Petra 47166 Markgrafen- 64
– Rolf 47166 Markgrafen- 64
– Susanne 47166 Markgrafen- 64
– Viola 47179 Sonnen- 27
– Werner 47138 Am Gottesacker 8
Bohla Annelis 47229 Zecken- 18
– Dagmar 47226 Föhr- 10
– Edwin 47137 Stolze- 1
– Erna 47137 Stolze- 1
– Friedhelm 47228 Föhr- 10
– Horst 47137 Stolze- 1
– Mark 47178 Herzog- 99
– Nina 47228 Föhr- 10
– Rainer 47178 Herzog- 75
– Silke 47178 Lierheggen- 34
Bohländer Claus-Dieter
47058 Kardinal-Galen- 134
– Friedhelm 47239 Ahorn- 16
– Heike 47119 Lierheggen- 34
– Herbert 47226 Hochfeld- 25
– Horst-Dieter 47059 Liliienthal- 29
– Ruth 47058 Kardinal-Galen- 134
Bohland Christian Dr.
47198 Hochfeld- 52
– Manuela 47198 Hochfeld- 52
Bohle Dagmar 47259 Bernkasteler- 35
– Eleonore 47051 Tonhallen- 55
– Hanne 47169 Angermunder- 102
– Jürgen Dr. 47269 Angermunder- 102
– Karl 47199 Elisen- 28
– Siefried 47169 Wilhelm- 5
Bohlen Andrea
47057 Sternbuschweg 92
– Babette 47169 Waldecker- 124
– Christel 47169 Waldecker- 124
– Heinz 47119 Anhalter- 24
– Ingrid 47169 Rinlerweg 13
– Marie 47137 Von-der-Mark- 43
– Sabine 47169 Waldecker- 124
Bohlenschmidt Petra
47198 Mühlen- 37
– Wolfgang 47198 Mühlen- 37
Bohlinger Birgit 47167 Felix-Dahn- 21a
– Detlef 47167 Felix-Dahn- 47
– Dirk 47167 Felix-Dahn- 58
– Manfred 47167 Felix-Dahn- 21a
– Manfred 47167 Felix-Dahn- 55
– Tim 47167 Felix-Dahn- 47
Bohlmann Luise 47259 Osteroder- 44
Bohlmann Annelies
47137 Steinenkamp 40
– Annette 47137 Augusta- 56
– Christian 47137 Spichern- 45
– Elisabeth 47137 Spichern- 45
– Hans 47053 Hochfeld- 125
Firmen, Gewerbebetriebe usw. nach Namen – siehe gelber Teil
A-DU
